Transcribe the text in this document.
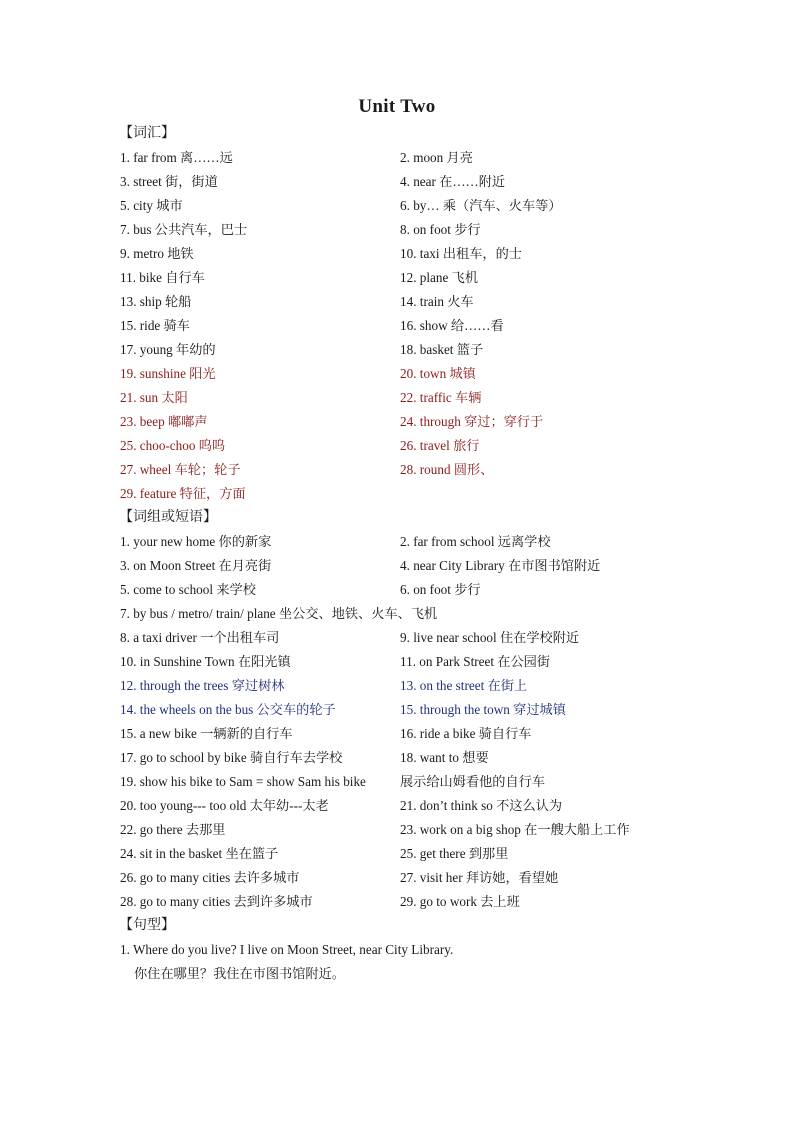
Unit Two
【词汇】
1. far from 离……远	2. moon 月亮
3. street 街，街道	4. near 在……附近
5. city 城市	6. by… 乘（汽车、火车等）
7. bus 公共汽车，巴士	8. on foot 步行
9. metro 地铁	10. taxi 出租车，的士
11. bike 自行车	12. plane 飞机
13. ship 轮船	14. train 火车
15. ride 骑车	16. show 给……看
17. young 年幼的	18. basket 篮子
19. sunshine 阳光	20. town 城镇
21. sun 太阳	22. traffic 车辆
23. beep 嘟嘟声	24. through 穿过；穿行于
25. choo-choo 呜呜	26. travel 旅行
27. wheel 车轮；轮子	28. round 圆形、
29. feature 特征，方面
【词组或短语】
1. your new home 你的新家	2. far from school 远离学校
3. on Moon Street 在月亮街	4. near City Library 在市图书馆附近
5. come to school 来学校	6. on foot 步行
7. by bus / metro/ train/ plane 坐公交、地铁、火车、飞机
8. a taxi driver 一个出租车司	9. live near school 住在学校附近
10. in Sunshine Town 在阳光镇	11. on Park Street 在公园街
12. through the trees 穿过树林	13. on the street 在街上
14. the wheels on the bus 公交车的轮子	15. through the town 穿过城镇
15. a new bike 一辆新的自行车	16. ride a bike 骑自行车
17. go to school by bike 骑自行车去学校	18. want to 想要
19. show his bike to Sam = show Sam his bike	展示给山姆看他的自行车
20. too young--- too old 太年幼---太老	21. don’t think so 不这么认为
22. go there 去那里	23. work on a big shop 在一艘大船上工作
24. sit in the basket 坐在篮子	25. get there 到那里
26. go to many cities 去许多城市	27. visit her 拜访她，看望她
28. go to many cities 去到许多城市	29. go to work 去上班
【句型】
1. Where do you live? I live on Moon Street, near City Library.
你住在哪里？我住在市图书馆附近。
